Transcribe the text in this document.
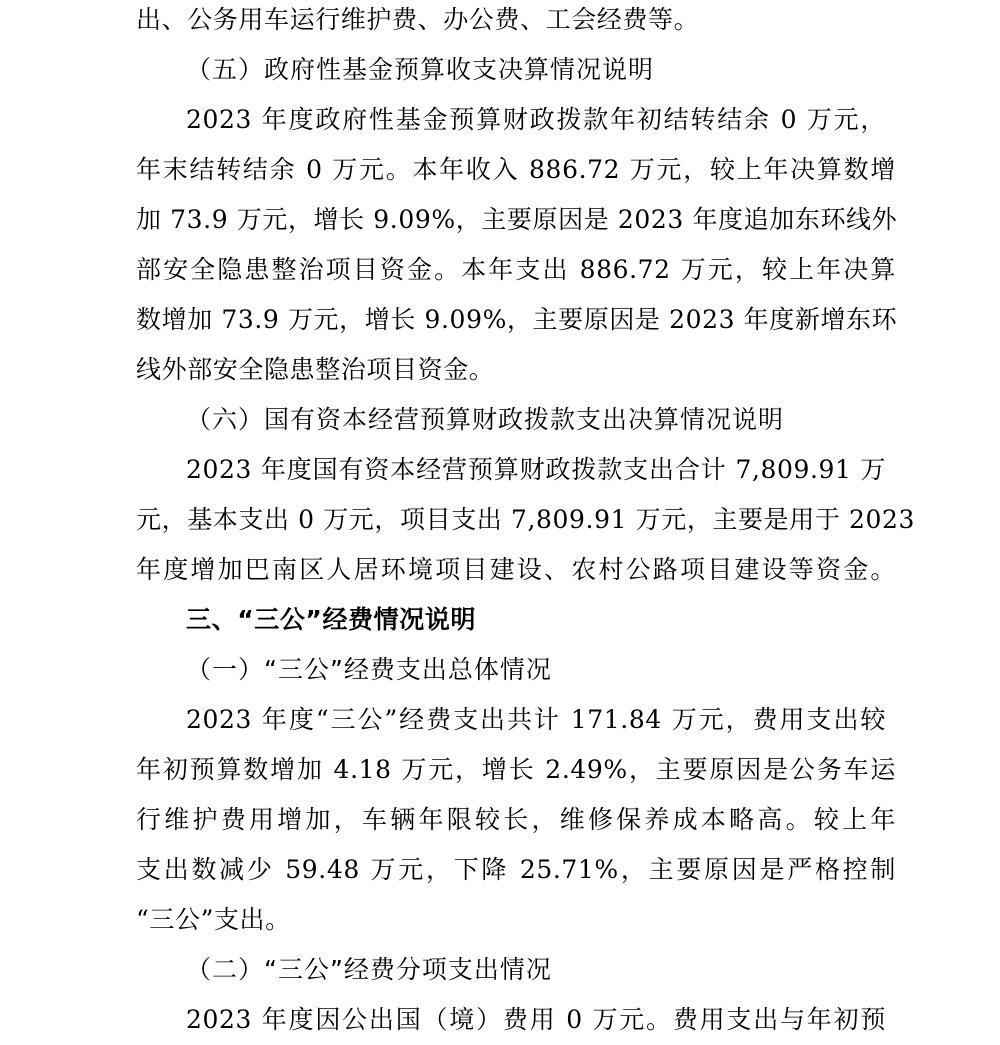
出、公务用车运行维护费、办公费、工会经费等。
（五）政府性基金预算收支决算情况说明
2023 年度政府性基金预算财政拨款年初结转结余 0 万元，
年末结转结余 0 万元。本年收入 886.72 万元，较上年决算数增
加 73.9 万元，增长 9.09%，主要原因是 2023 年度追加东环线外
部安全隐患整治项目资金。本年支出 886.72 万元，较上年决算
数增加 73.9 万元，增长 9.09%，主要原因是 2023 年度新增东环
线外部安全隐患整治项目资金。
（六）国有资本经营预算财政拨款支出决算情况说明
2023 年度国有资本经营预算财政拨款支出合计 7,809.91 万
元，基本支出 0 万元，项目支出 7,809.91 万元，主要是用于 2023
年度增加巴南区人居环境项目建设、农村公路项目建设等资金。
三、“三公”经费情况说明
（一）“三公”经费支出总体情况
2023 年度“三公”经费支出共计 171.84 万元，费用支出较
年初预算数增加 4.18 万元，增长 2.49%，主要原因是公务车运
行维护费用增加，车辆年限较长，维修保养成本略高。较上年
支出数减少 59.48 万元，下降 25.71%，主要原因是严格控制
“三公”支出。
（二）“三公”经费分项支出情况
2023 年度因公出国（境）费用 0 万元。费用支出与年初预
